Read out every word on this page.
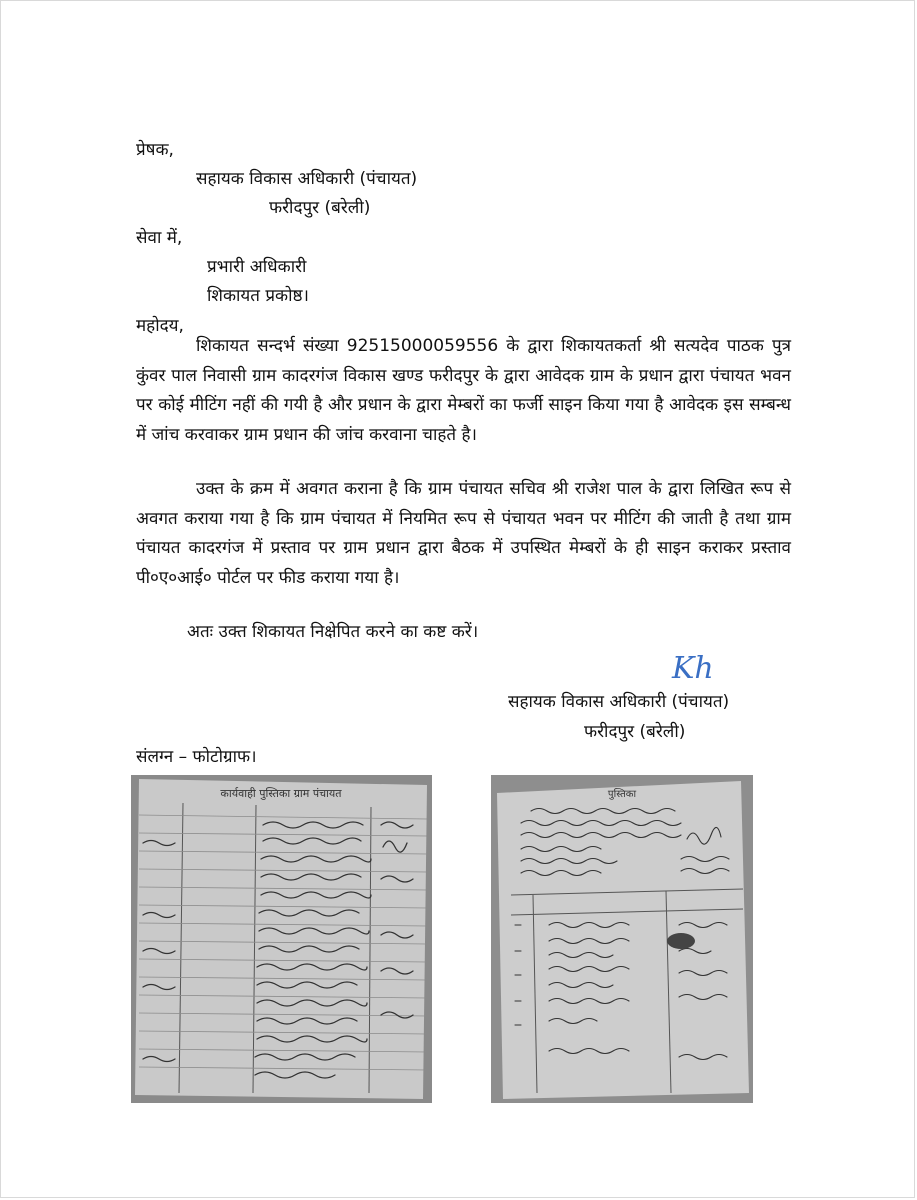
प्रेषक,
सहायक विकास अधिकारी (पंचायत)
फरीदपुर (बरेली)
सेवा में,
प्रभारी अधिकारी
शिकायत प्रकोष्ठ।
महोदय,
शिकायत सन्दर्भ संख्या 92515000059556 के द्वारा शिकायतकर्ता श्री सत्यदेव पाठक पुत्र कुंवर पाल निवासी ग्राम कादरगंज विकास खण्ड फरीदपुर के द्वारा आवेदक ग्राम के प्रधान द्वारा पंचायत भवन पर कोई मीटिंग नहीं की गयी है और प्रधान के द्वारा मेम्बरों का फर्जी साइन किया गया है आवेदक इस सम्बन्ध में जांच करवाकर ग्राम प्रधान की जांच करवाना चाहते है।
उक्त के क्रम में अवगत कराना है कि ग्राम पंचायत सचिव श्री राजेश पाल के द्वारा लिखित रूप से अवगत कराया गया है कि ग्राम पंचायत में नियमित रूप से पंचायत भवन पर मीटिंग की जाती है तथा ग्राम पंचायत कादरगंज में प्रस्ताव पर ग्राम प्रधान द्वारा बैठक में उपस्थित मेम्बरों के ही साइन कराकर प्रस्ताव पी०ए०आई० पोर्टल पर फीड कराया गया है।
अतः उक्त शिकायत निक्षेपित करने का कष्ट करें।
Kh
सहायक विकास अधिकारी (पंचायत)
फरीदपुर (बरेली)
संलग्न – फोटोग्राफ।
कार्यवाही पुस्तिका ग्राम पंचायत	पुस्तिका
